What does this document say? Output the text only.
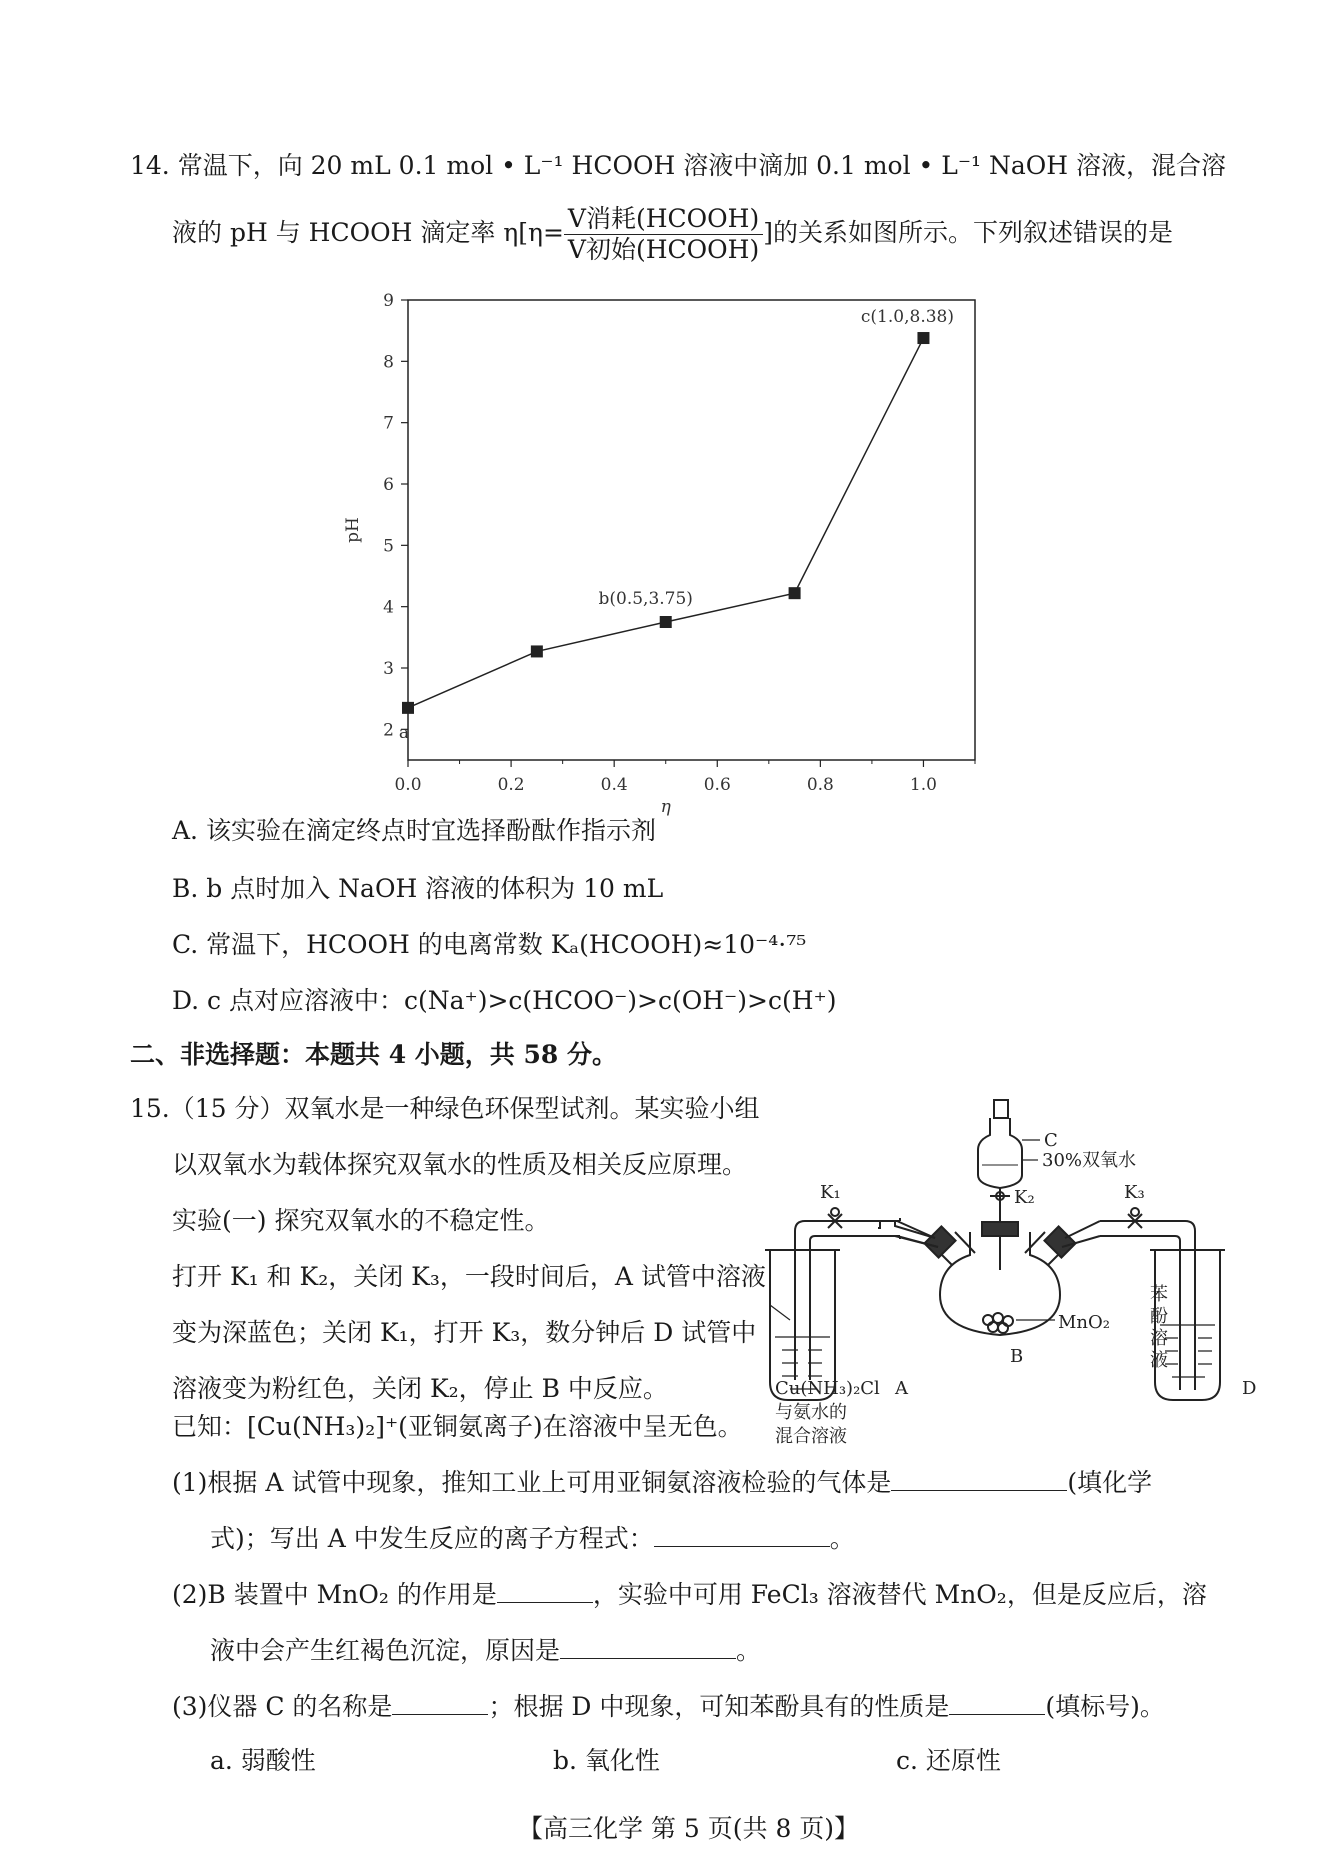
14. 常温下，向 20 mL 0.1 mol • L⁻¹ HCOOH 溶液中滴加 0.1 mol • L⁻¹ NaOH 溶液，混合溶
液的 pH 与 HCOOH 滴定率 $\eta[\eta= \frac{\text{V消耗(HCOOH)}}{\text{V初始(HCOOH)}}$ ]的关系如图所示。下列叙述错误的是
0.0	0.2	0.4	0.6	0.8	1.0
2
3
4
5
6
7
8
9
η
pH
a
b(0.5,3.75)
c(1.0,8.38)
A. 该实验在滴定终点时宜选择酚酞作指示剂
B. b 点时加入 NaOH 溶液的体积为 10 mL
C. 常温下，HCOOH 的电离常数 Kₐ(HCOOH)≈10⁻⁴·⁷⁵
D. c 点对应溶液中：c(Na⁺)>c(HCOO⁻)>c(OH⁻)>c(H⁺)
二、非选择题：本题共 4 小题，共 58 分。
15.（15 分）双氧水是一种绿色环保型试剂。某实验小组
以双氧水为载体探究双氧水的性质及相关反应原理。
实验(一) 探究双氧水的不稳定性。
打开 K₁ 和 K₂，关闭 K₃，一段时间后，A 试管中溶液
变为深蓝色；关闭 K₁，打开 K₃，数分钟后 D 试管中
溶液变为粉红色，关闭 K₂，停止 B 中反应。
已知：[Cu(NH₃)₂]⁺(亚铜氨离子)在溶液中呈无色。
(1)根据 A 试管中现象，推知工业上可用亚铜氨溶液检验的气体是	(填化学
式)；写出 A 中发生反应的离子方程式：	。
(2)B 装置中 MnO₂ 的作用是	，实验中可用 FeCl₃ 溶液替代 MnO₂，但是反应后，溶
液中会产生红褐色沉淀，原因是	。
(3)仪器 C 的名称是	；根据 D 中现象，可知苯酚具有的性质是	(填标号)。
a. 弱酸性	b. 氧化性	c. 还原性
C
30%双氧水
K₂
K₁	K₃
MnO₂
B
Cu(NH₃)₂Cl
与氨水的
混合溶液
A	D
苯
酚
溶
液
【高三化学 第 5 页(共 8 页)】
